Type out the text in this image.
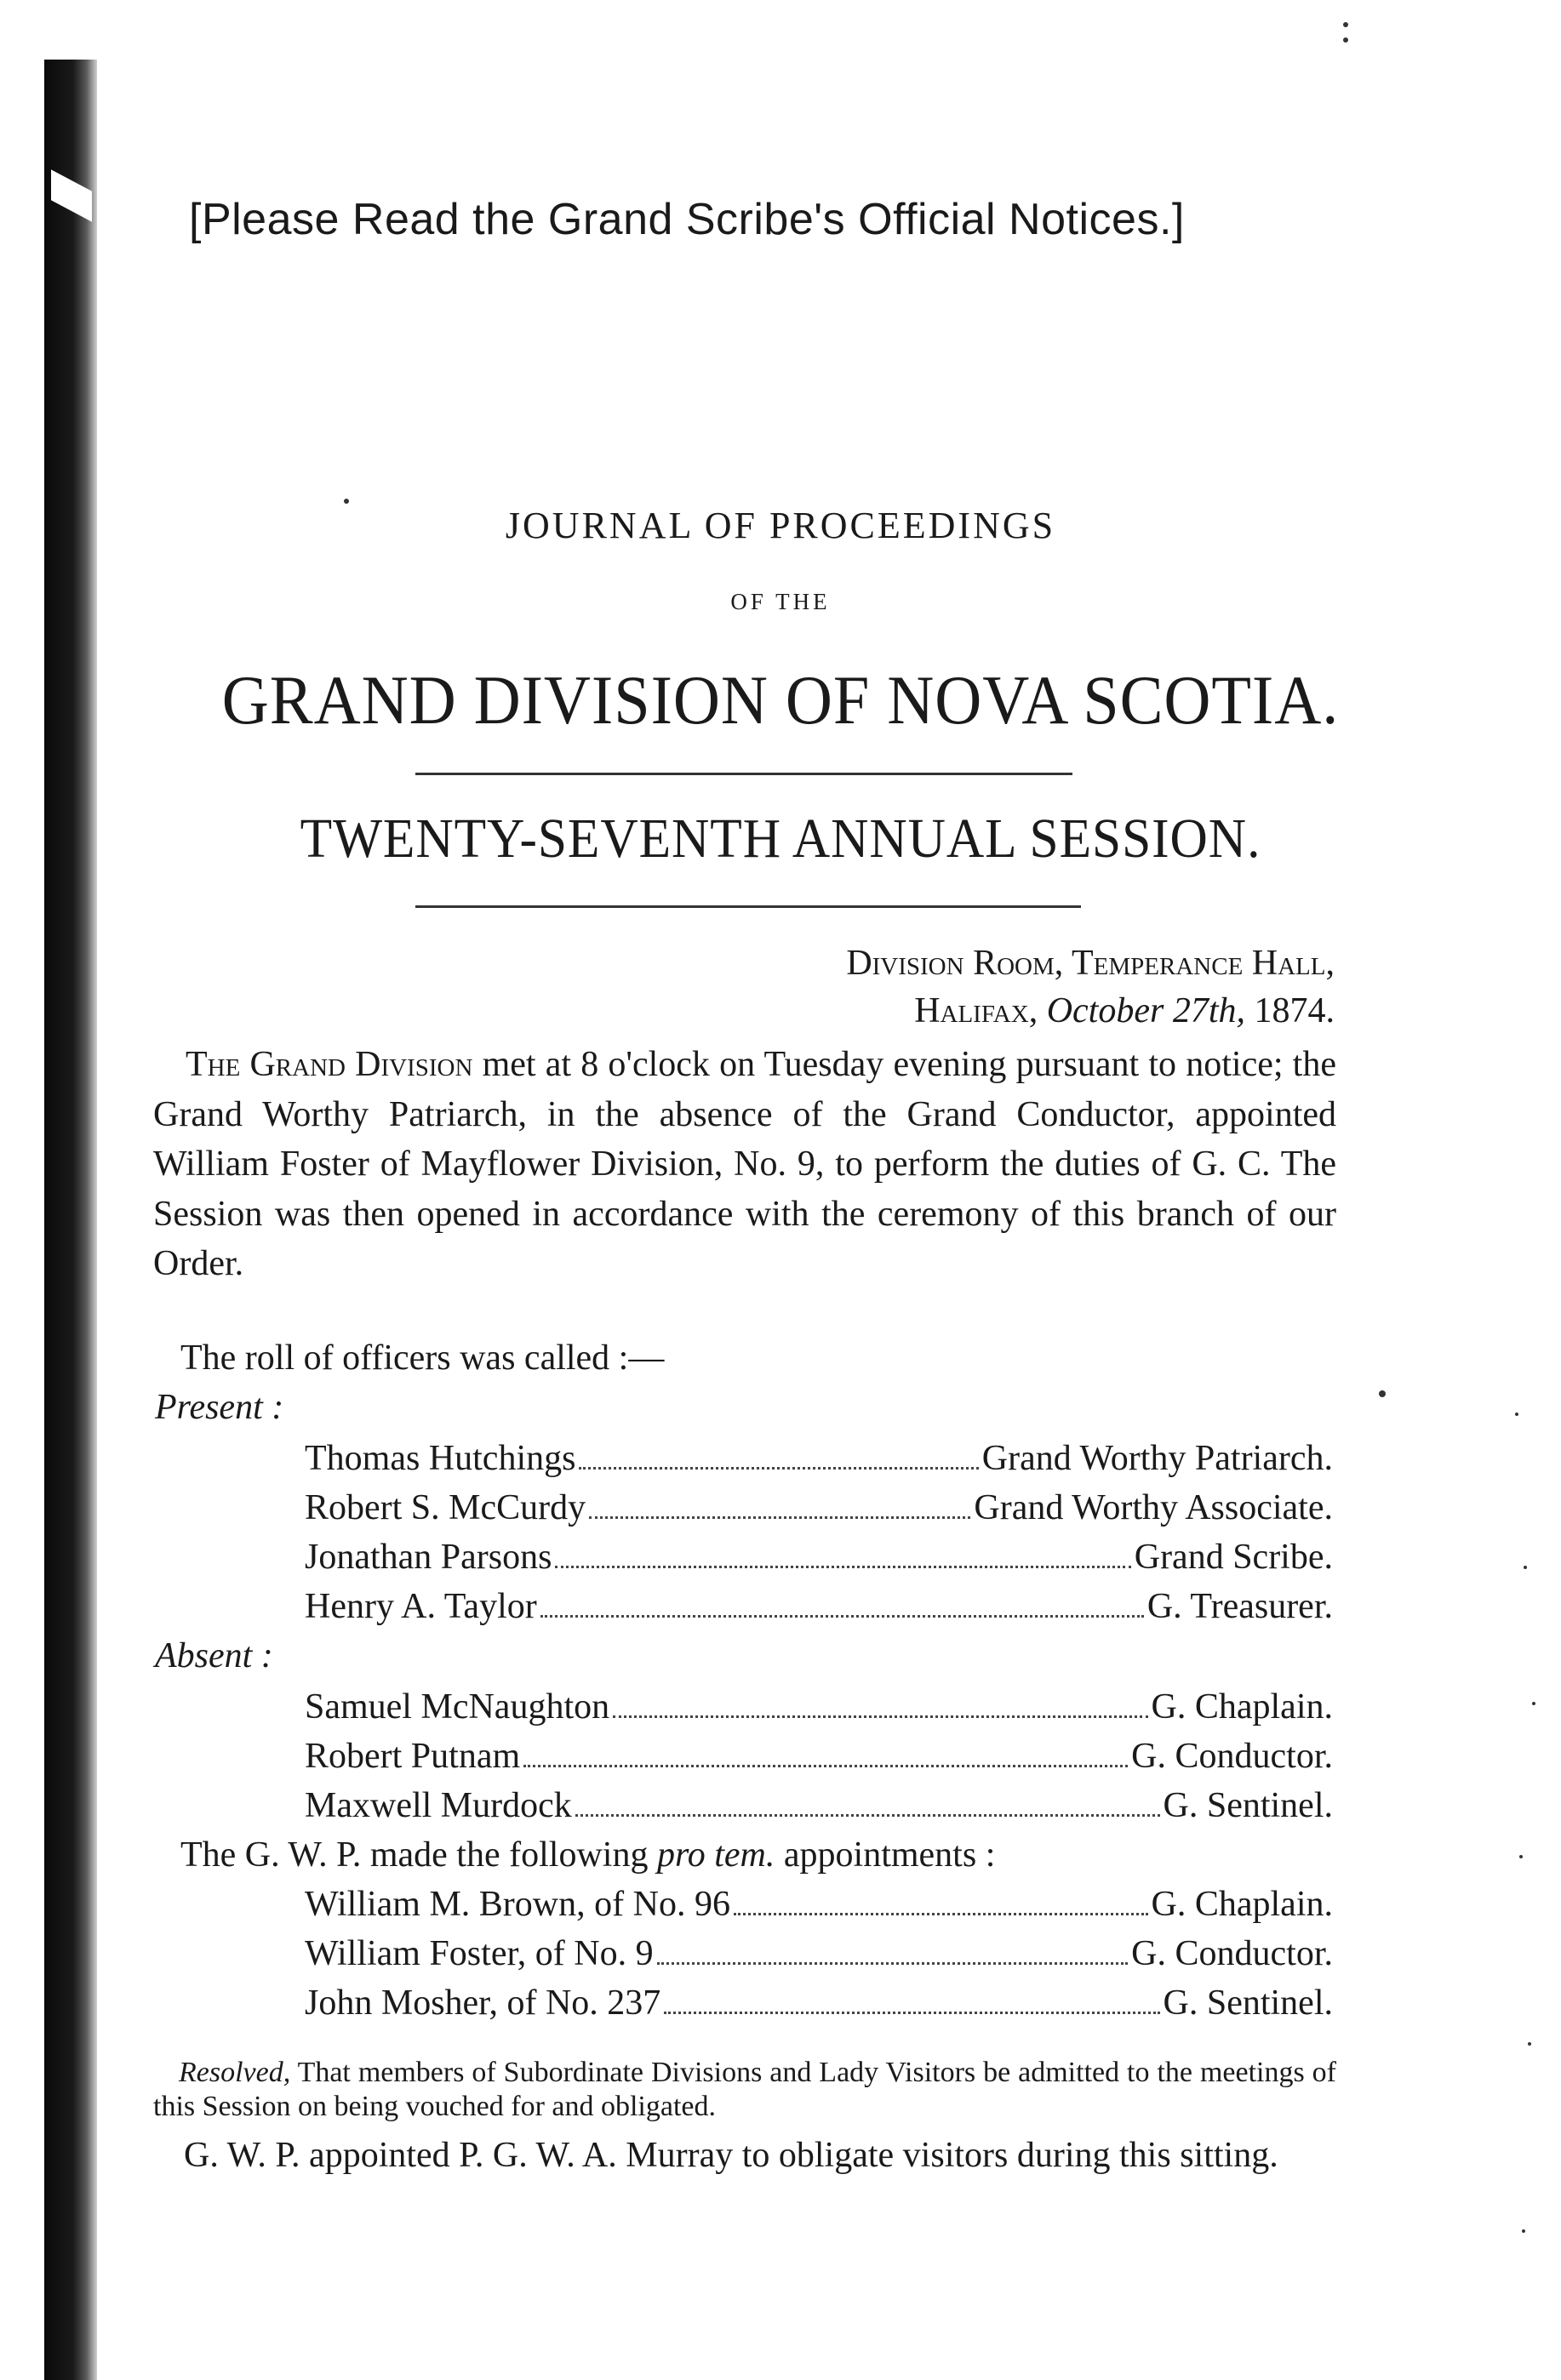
[Please Read the Grand Scribe's Official Notices.]
JOURNAL OF PROCEEDINGS
OF THE
GRAND DIVISION OF NOVA SCOTIA.
TWENTY-SEVENTH ANNUAL SESSION.
Division Room, Temperance Hall,
Halifax, October 27th, 1874.

The Grand Division met at 8 o'clock on Tuesday evening pursuant to notice; the Grand Worthy Patriarch, in the absence of the Grand Conductor, appointed William Foster of Mayflower Division, No. 9, to perform the duties of G. C. The Session was then opened in accordance with the ceremony of this branch of our Order.

The roll of officers was called :—
Present :
Thomas Hutchings	Grand Worthy Patriarch.
Robert S. McCurdy	Grand Worthy Associate.
Jonathan Parsons	Grand Scribe.
Henry A. Taylor	G. Treasurer.
Absent :
Samuel McNaughton	G. Chaplain.
Robert Putnam	G. Conductor.
Maxwell Murdock	G. Sentinel.
The G. W. P. made the following pro tem. appointments :
William M. Brown, of No. 96	G. Chaplain.
William Foster, of No. 9	G. Conductor.
John Mosher, of No. 237	G. Sentinel.

Resolved, That members of Subordinate Divisions and Lady Visitors be admitted to the meetings of this Session on being vouched for and obligated.

G. W. P. appointed P. G. W. A. Murray to obligate visitors during this sitting.
